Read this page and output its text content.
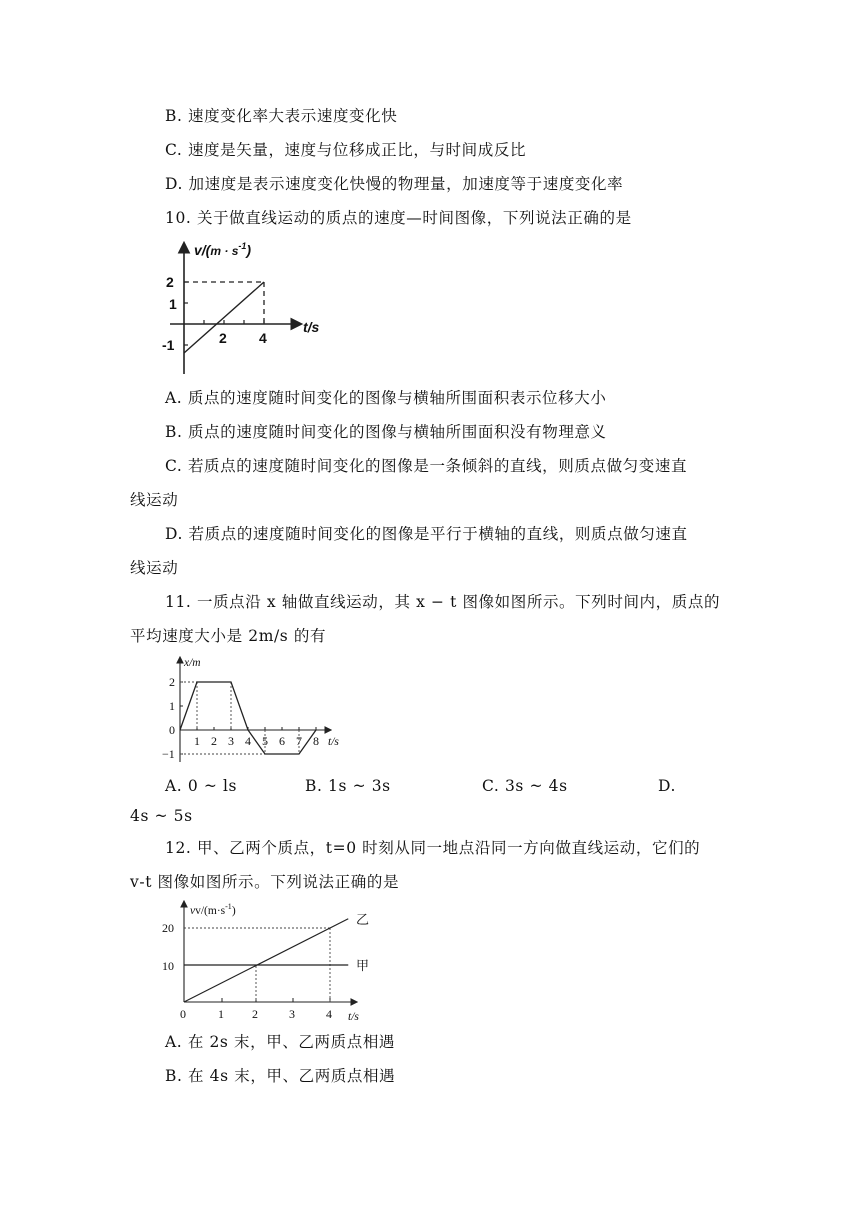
B. 速度变化率大表示速度变化快
C. 速度是矢量，速度与位移成正比，与时间成反比
D. 加速度是表示速度变化快慢的物理量，加速度等于速度变化率
10. 关于做直线运动的质点的速度—时间图像，下列说法正确的是
$v/(m \cdot s^{-1})$
2
1
-1	2 4
t/s
A. 质点的速度随时间变化的图像与横轴所围面积表示位移大小
B. 质点的速度随时间变化的图像与横轴所围面积没有物理意义
C. 若质点的速度随时间变化的图像是一条倾斜的直线，则质点做匀变速直
线运动
D. 若质点的速度随时间变化的图像是平行于横轴的直线，则质点做匀速直
线运动
11. 一质点沿 x 轴做直线运动，其 x − t 图像如图所示。下列时间内，质点的
平均速度大小是 2m/s 的有
x/m
2
1
0
−1
1 2 3 4 5 6 7 8 t/s
A. 0 ~ ls	B. 1s ~ 3s	C. 3s ~ 4s	D.
4s ~ 5s
12. 甲、乙两个质点，t=0 时刻从同一地点沿同一方向做直线运动，它们的
v-t 图像如图所示。下列说法正确的是
$vv/(m\cdot s^{-1})$
20
10
0	1 2	3	4 t/s
乙
甲
A. 在 2s 末，甲、乙两质点相遇
B. 在 4s 末，甲、乙两质点相遇
